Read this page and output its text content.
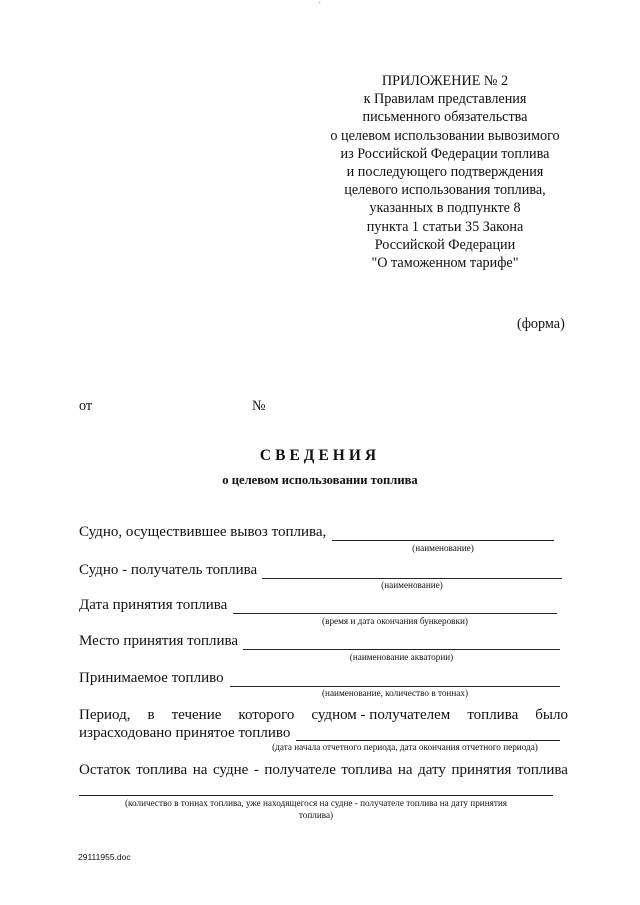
'
ПРИЛОЖЕНИЕ № 2
к Правилам представления
письменного обязательства
о целевом использовании вывозимого
из Российской Федерации топлива
и последующего подтверждения
целевого использования топлива,
указанных в подпункте 8
пункта 1 статьи 35 Закона
Российской Федерации
"О таможенном тарифе"
(форма)
от	№
СВЕДЕНИЯ
о целевом использовании топлива
Судно, осуществившее вывоз топлива,
(наименование)
Судно - получатель топлива
(наименование)
Дата принятия топлива
(время и дата окончания бункеровки)
Место принятия топлива
(наименование акватории)
Принимаемое топливо
(наименование, количество в тоннах)
Период, в течение которого судном - получателем топлива было
израсходовано принятое топливо
(дата начала отчетного периода, дата окончания отчетного периода)
Остаток топлива на судне - получателе топлива на дату принятия топлива
(количество в тоннах топлива, уже находящегося на судне - получателе топлива на дату принятия
топлива)
29111955.doc
